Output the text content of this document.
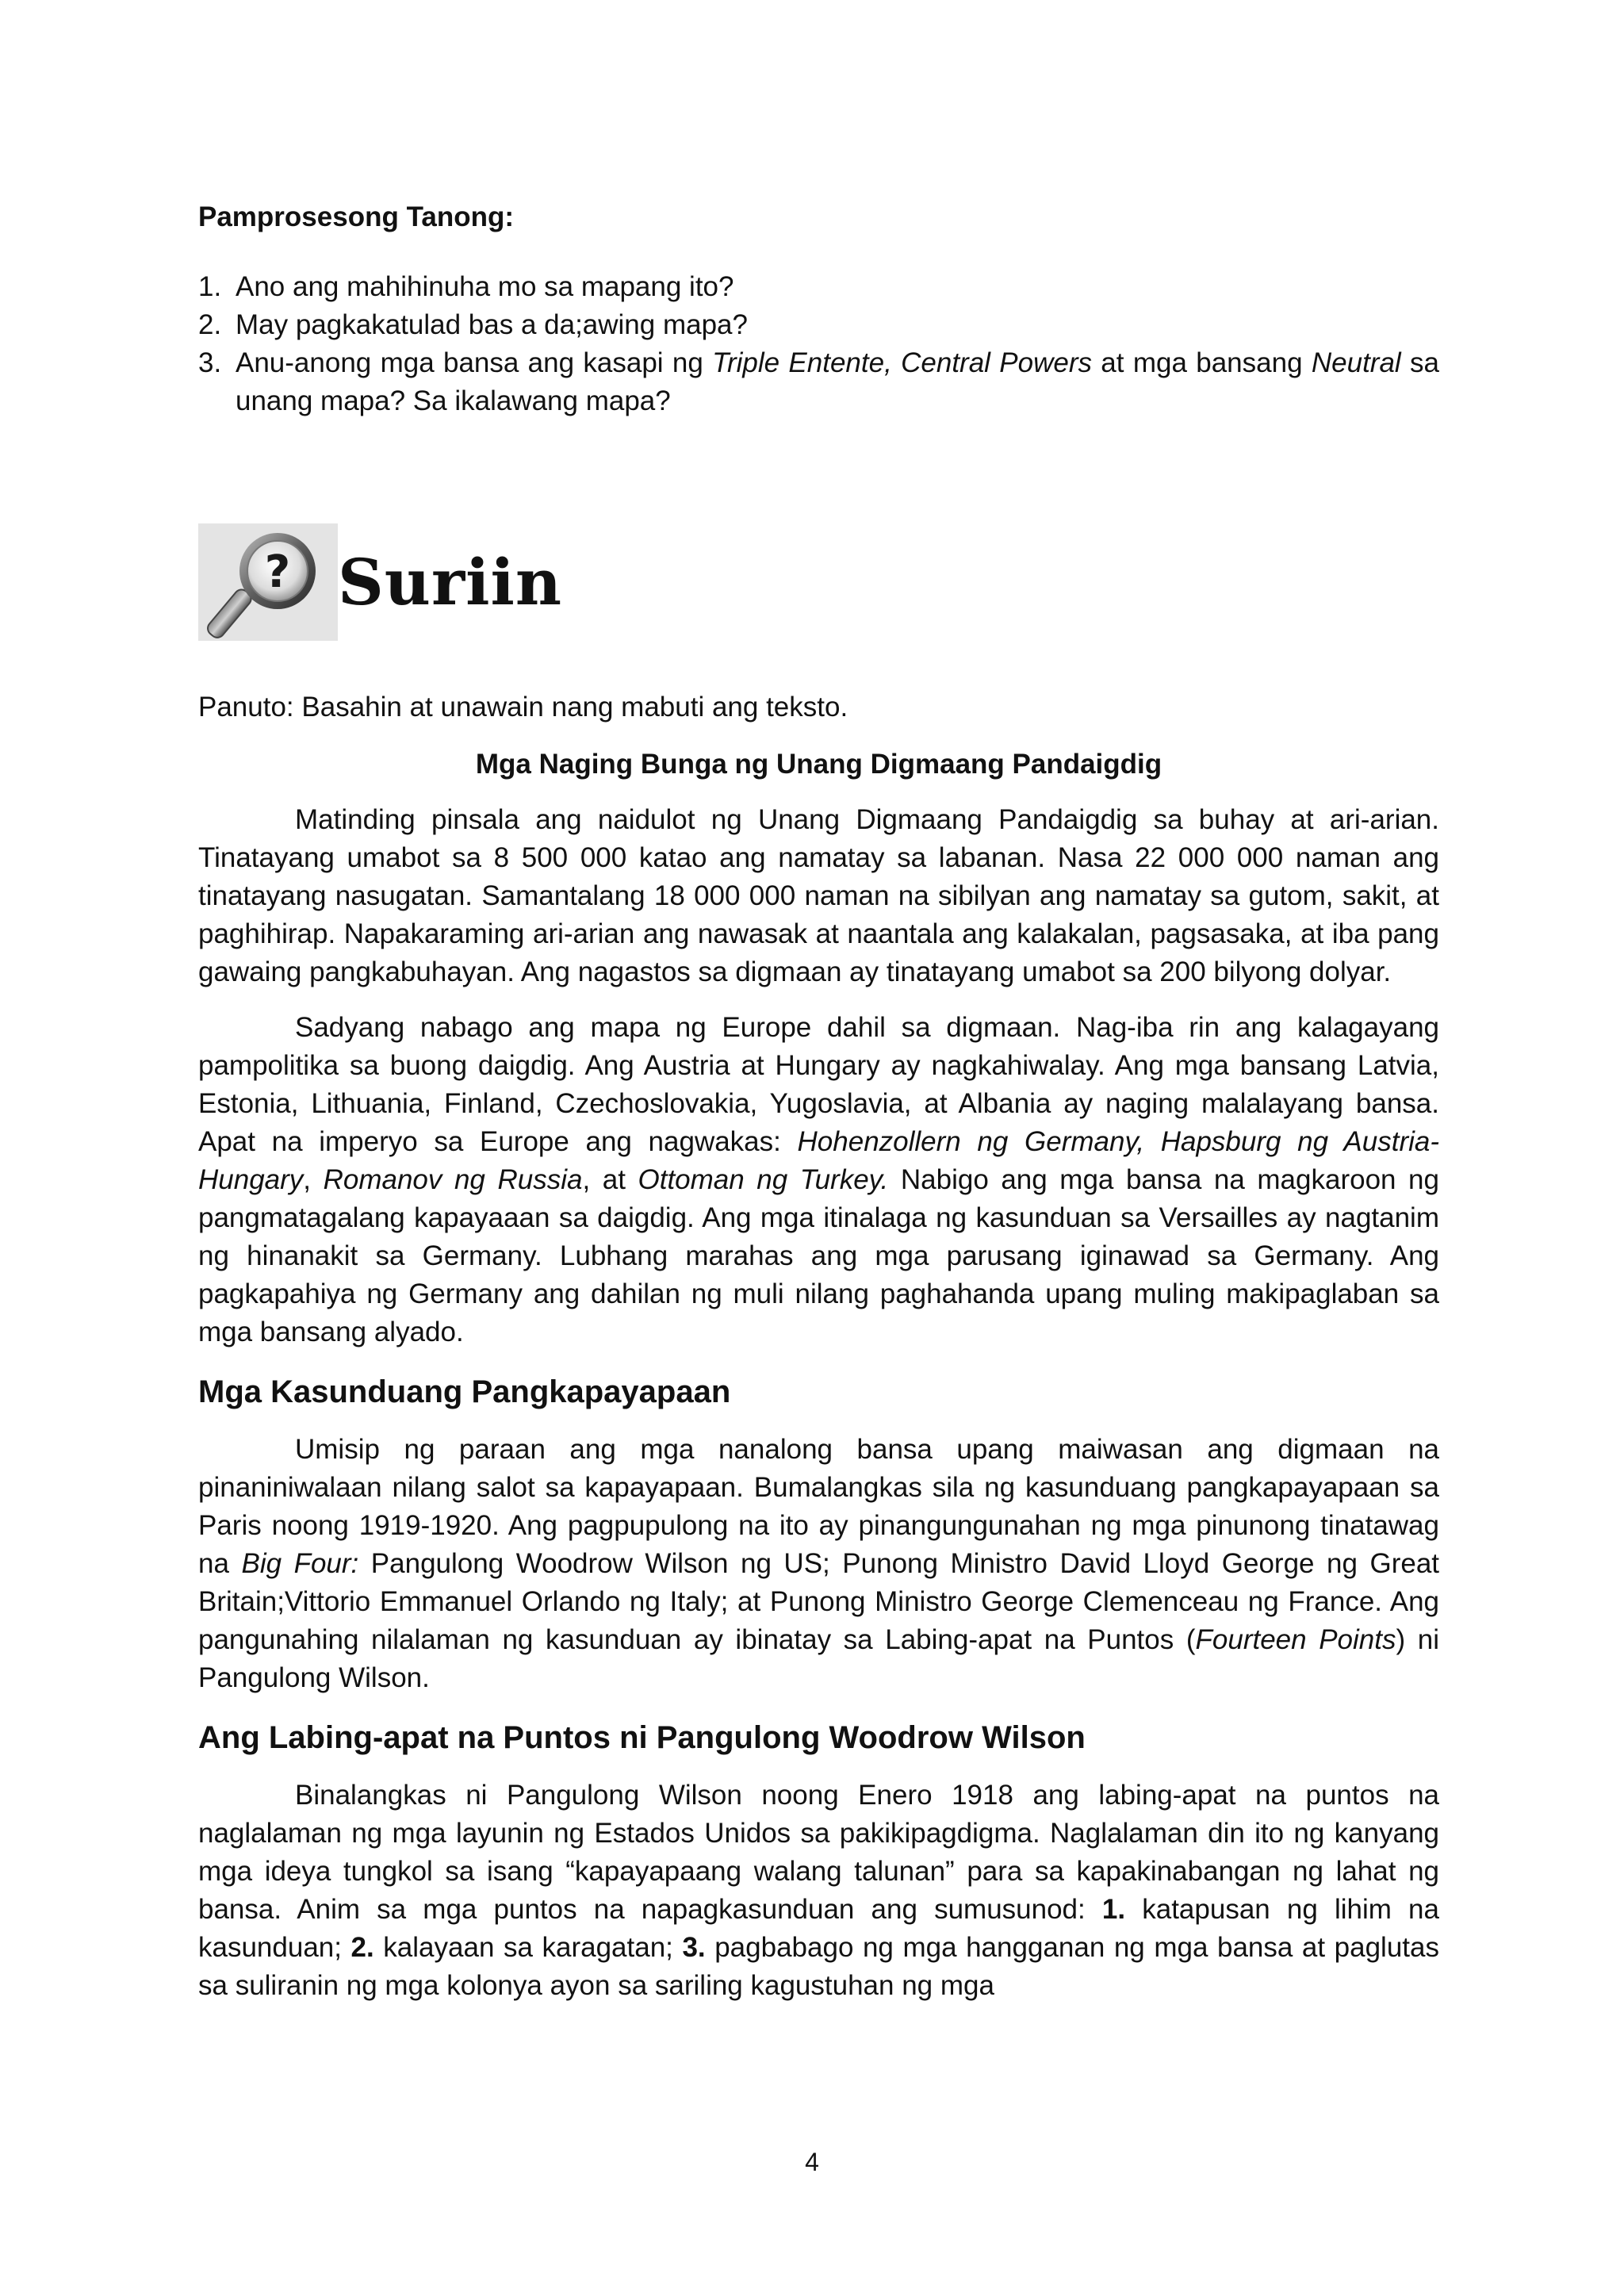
Pamprosesong Tanong:
1. Ano ang mahihinuha mo sa mapang ito?
2. May pagkakatulad bas a da;awing mapa?
3. Anu-anong mga bansa ang kasapi ng Triple Entente, Central Powers at mga bansang Neutral sa unang mapa? Sa ikalawang mapa?
? Suriin
Panuto: Basahin at unawain nang mabuti ang teksto.
Mga Naging Bunga ng Unang Digmaang Pandaigdig

Matinding pinsala ang naidulot ng Unang Digmaang Pandaigdig sa buhay at ari-arian. Tinatayang umabot sa 8 500 000 katao ang namatay sa labanan. Nasa 22 000 000 naman ang tinatayang nasugatan. Samantalang 18 000 000 naman na sibilyan ang namatay sa gutom, sakit, at paghihirap. Napakaraming ari-arian ang nawasak at naantala ang kalakalan, pagsasaka, at iba pang gawaing pangkabuhayan. Ang nagastos sa digmaan ay tinatayang umabot sa 200 bilyong dolyar.

Sadyang nabago ang mapa ng Europe dahil sa digmaan. Nag-iba rin ang kalagayang pampolitika sa buong daigdig. Ang Austria at Hungary ay nagkahiwalay. Ang mga bansang Latvia, Estonia, Lithuania, Finland, Czechoslovakia, Yugoslavia, at Albania ay naging malalayang bansa. Apat na imperyo sa Europe ang nagwakas: Hohenzollern ng Germany, Hapsburg ng Austria-Hungary, Romanov ng Russia, at Ottoman ng Turkey. Nabigo ang mga bansa na magkaroon ng pangmatagalang kapayaaan sa daigdig. Ang mga itinalaga ng kasunduan sa Versailles ay nagtanim ng hinanakit sa Germany. Lubhang marahas ang mga parusang iginawad sa Germany. Ang pagkapahiya ng Germany ang dahilan ng muli nilang paghahanda upang muling makipaglaban sa mga bansang alyado.

Mga Kasunduang Pangkapayapaan

Umisip ng paraan ang mga nanalong bansa upang maiwasan ang digmaan na pinaniniwalaan nilang salot sa kapayapaan. Bumalangkas sila ng kasunduang pangkapayapaan sa Paris noong 1919-1920. Ang pagpupulong na ito ay pinangungunahan ng mga pinunong tinatawag na Big Four: Pangulong Woodrow Wilson ng US; Punong Ministro David Lloyd George ng Great Britain;Vittorio Emmanuel Orlando ng Italy; at Punong Ministro George Clemenceau ng France. Ang pangunahing nilalaman ng kasunduan ay ibinatay sa Labing-apat na Puntos (Fourteen Points) ni Pangulong Wilson.

Ang Labing-apat na Puntos ni Pangulong Woodrow Wilson

Binalangkas ni Pangulong Wilson noong Enero 1918 ang labing-apat na puntos na naglalaman ng mga layunin ng Estados Unidos sa pakikipagdigma. Naglalaman din ito ng kanyang mga ideya tungkol sa isang “kapayapaang walang talunan” para sa kapakinabangan ng lahat ng bansa. Anim sa mga puntos na napagkasunduan ang sumusunod: 1. katapusan ng lihim na kasunduan; 2. kalayaan sa karagatan; 3. pagbabago ng mga hangganan ng mga bansa at paglutas sa suliranin ng mga kolonya ayon sa sariling kagustuhan ng mga

4
